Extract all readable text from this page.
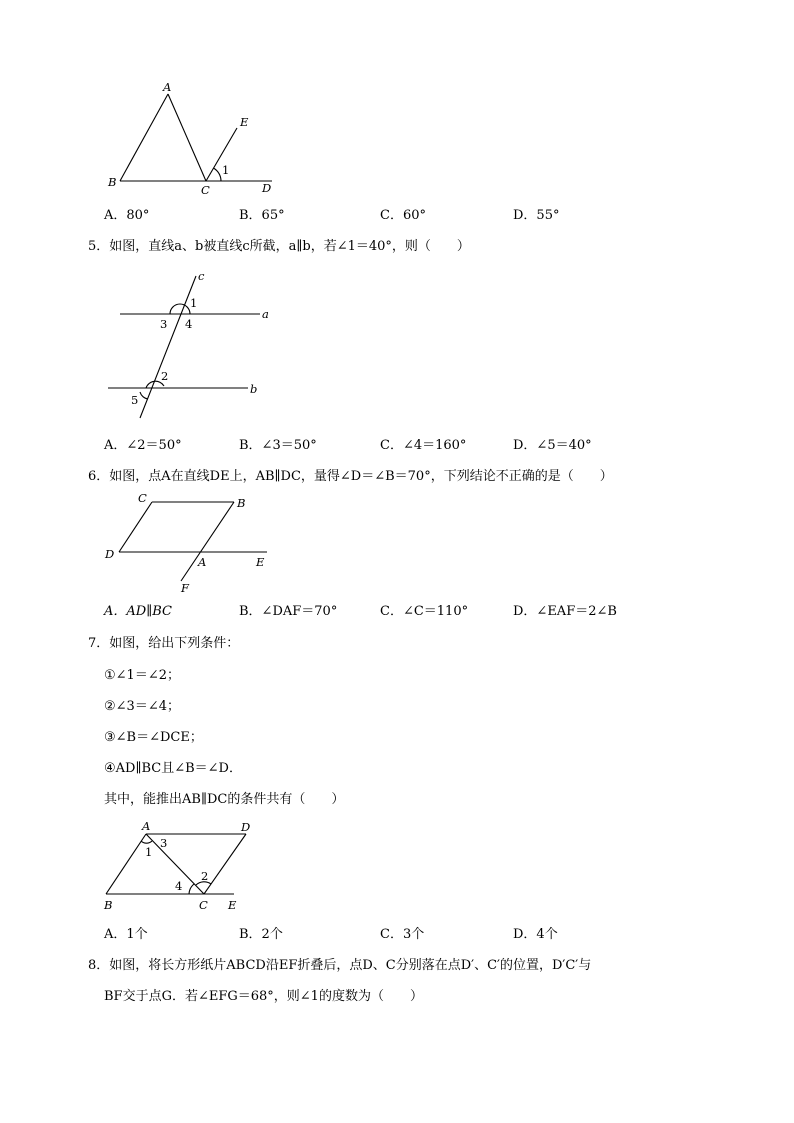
A
B
C	D
E
1
A．80°	B．65°	C．60°	D．55°
5．如图，直线a、b被直线c所截，a∥b，若∠1＝40°，则（　　）
c
a
b
1
3 4
2
5
A．∠2＝50°	B．∠3＝50°	C．∠4＝160°	D．∠5＝40°
6．如图，点A在直线DE上，AB∥DC，量得∠D＝∠B＝70°，下列结论不正确的是（　　）
C	B
D
A	E
F
A．AD∥BC	B．∠DAF＝70°	C．∠C＝110°	D．∠EAF＝2∠B
7．如图，给出下列条件：
①∠1＝∠2；
②∠3＝∠4；
③∠B＝∠DCE；
④AD∥BC且∠B＝∠D．
其中，能推出AB∥DC的条件共有（　　）
A	D
B	C E
1
3
4
2
A．1个	B．2个	C．3个	D．4个
8．如图，将长方形纸片ABCD沿EF折叠后，点D、C分别落在点D′、C′的位置，D′C′与
BF交于点G．若∠EFG＝68°，则∠1的度数为（　　）
